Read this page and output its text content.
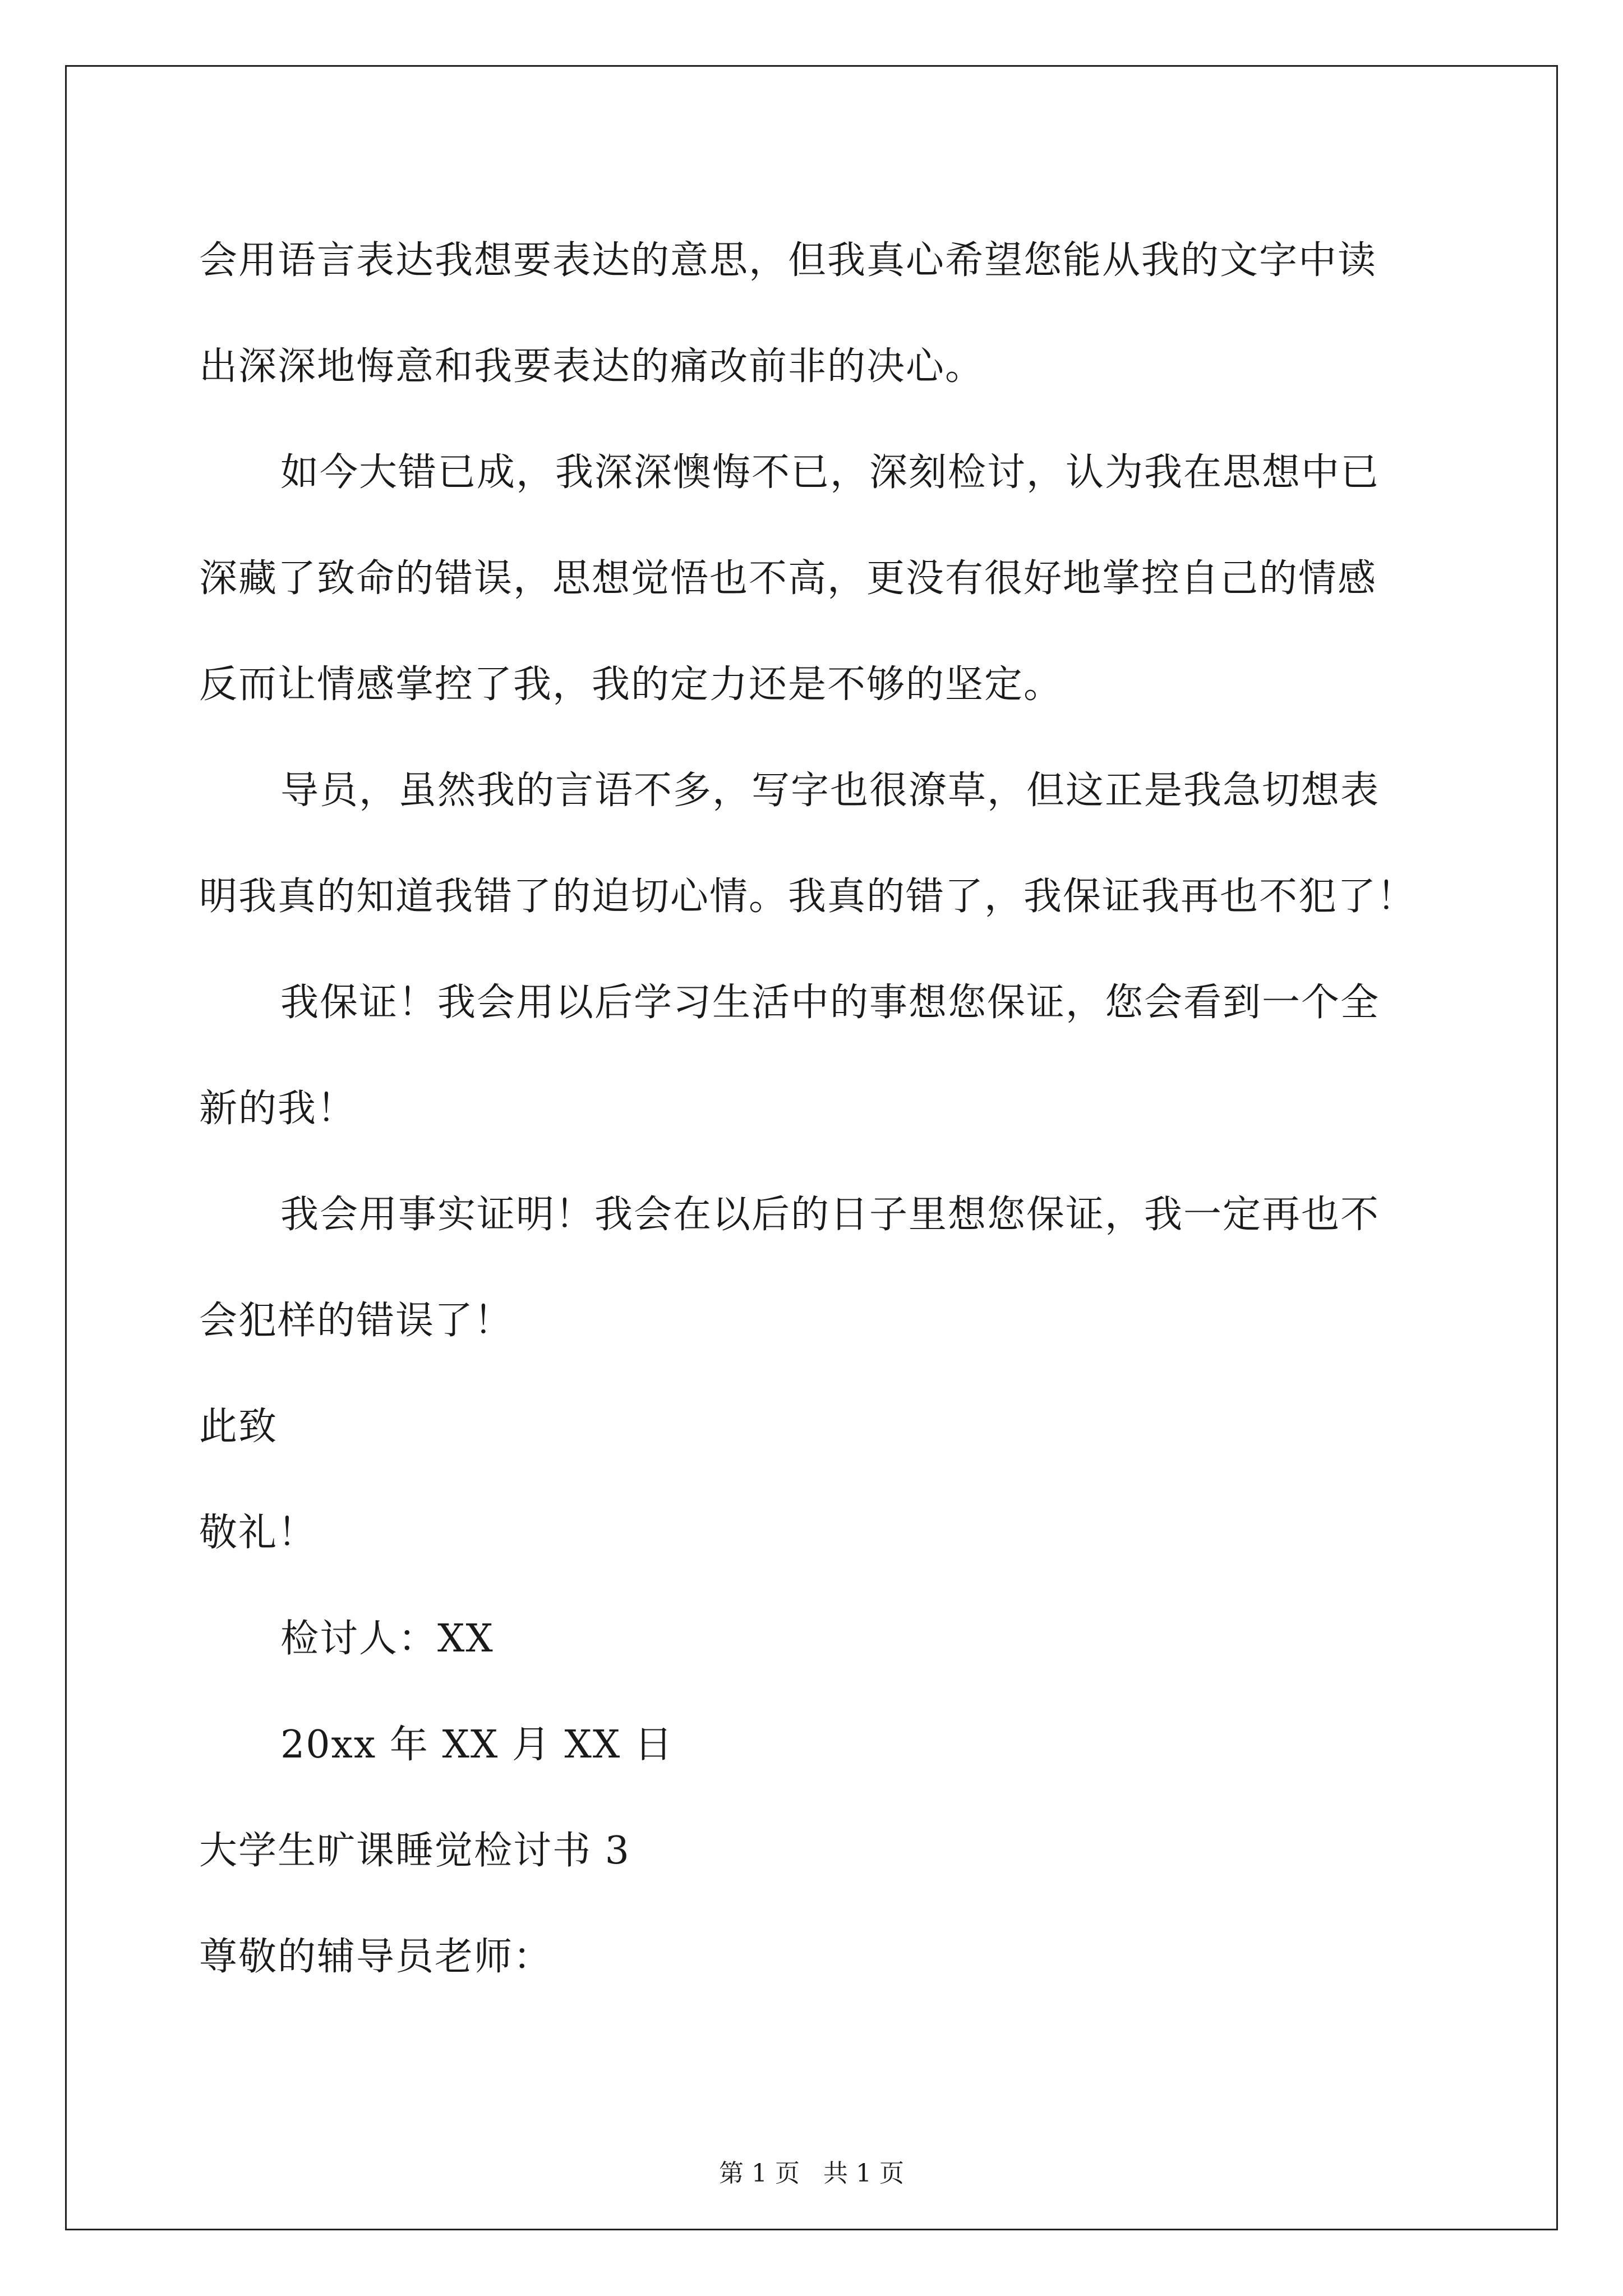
会用语言表达我想要表达的意思，但我真心希望您能从我的文字中读
出深深地悔意和我要表达的痛改前非的决心。
如今大错已成，我深深懊悔不已，深刻检讨，认为我在思想中已
深藏了致命的错误，思想觉悟也不高，更没有很好地掌控自己的情感
反而让情感掌控了我，我的定力还是不够的坚定。
导员，虽然我的言语不多，写字也很潦草，但这正是我急切想表
明我真的知道我错了的迫切心情。我真的错了，我保证我再也不犯了！
我保证！我会用以后学习生活中的事想您保证，您会看到一个全
新的我！
我会用事实证明！我会在以后的日子里想您保证，我一定再也不
会犯样的错误了！
此致
敬礼！
检讨人：XX
20xx 年 XX 月 XX 日
大学生旷课睡觉检讨书 3
尊敬的辅导员老师：
第 1 页   共 1 页
